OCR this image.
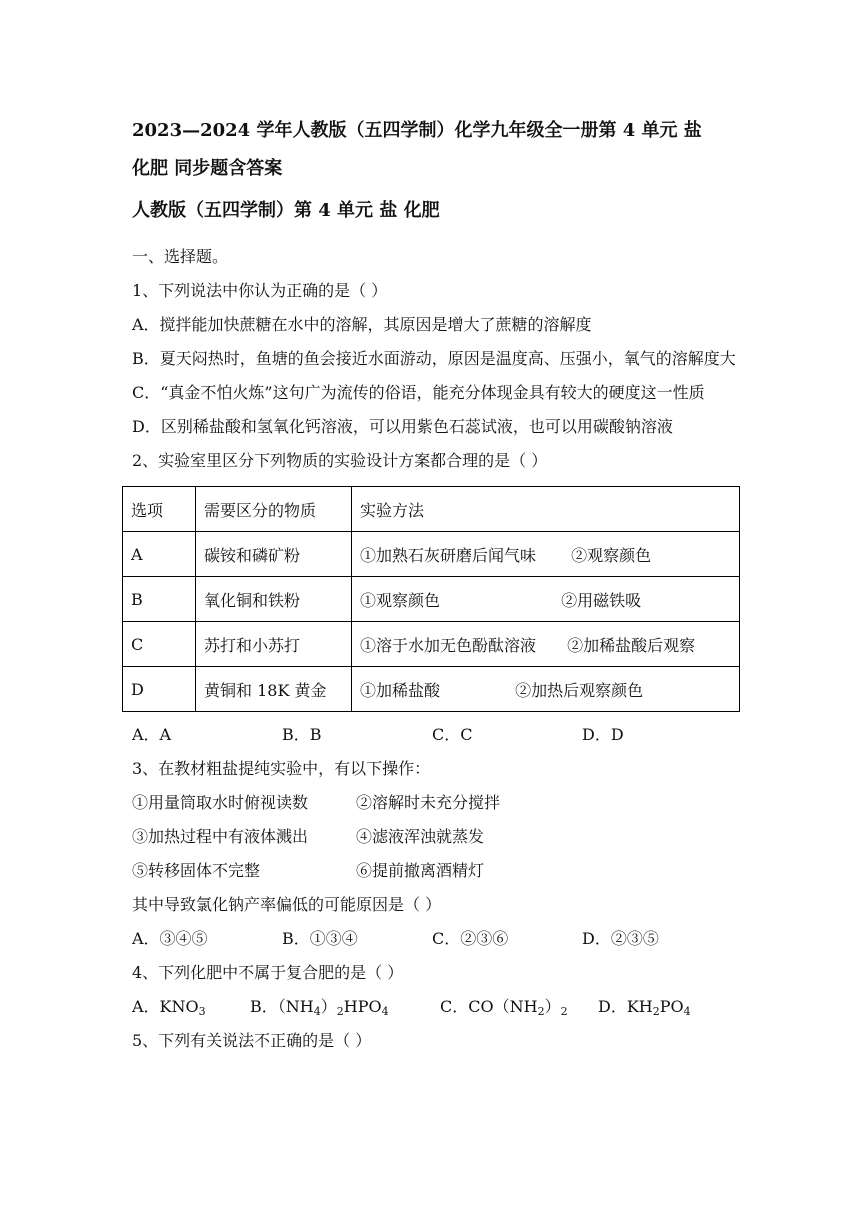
2023—2024 学年人教版（五四学制）化学九年级全一册第 4 单元 盐
化肥 同步题含答案

人教版（五四学制）第 4 单元 盐 化肥

一、选择题。

1、下列说法中你认为正确的是（ ）

A．搅拌能加快蔗糖在水中的溶解，其原因是增大了蔗糖的溶解度

B．夏天闷热时，鱼塘的鱼会接近水面游动，原因是温度高、压强小，氧气的溶解度大

C．“真金不怕火炼”这句广为流传的俗语，能充分体现金具有较大的硬度这一性质

D．区别稀盐酸和氢氧化钙溶液，可以用紫色石蕊试液，也可以用碳酸钠溶液

2、实验室里区分下列物质的实验设计方案都合理的是（ ）

选项	需要区分的物质	实验方法
A	碳铵和磷矿粉	①加熟石灰研磨后闻气味 ②观察颜色
B	氧化铜和铁粉	①观察颜色 ②用磁铁吸
C	苏打和小苏打	①溶于水加无色酚酞溶液 ②加稀盐酸后观察
D	黄铜和 18K 黄金	①加稀盐酸 ②加热后观察颜色
A．A	B．B	C．C	D．D

3、在教材粗盐提纯实验中，有以下操作：

①用量筒取水时俯视读数	②溶解时未充分搅拌
③加热过程中有液体溅出	④滤液浑浊就蒸发
⑤转移固体不完整	⑥提前撤离酒精灯

其中导致氯化钠产率偏低的可能原因是（ ）

A．③④⑤	B．①③④	C．②③⑥	D．②③⑤

4、下列化肥中不属于复合肥的是（ ）

A．$KNO_3$	B．$(NH_4)_2HPO_4$	C．$CO(NH_2)_2$	D．$KH_2PO_4$

5、下列有关说法不正确的是（ ）
